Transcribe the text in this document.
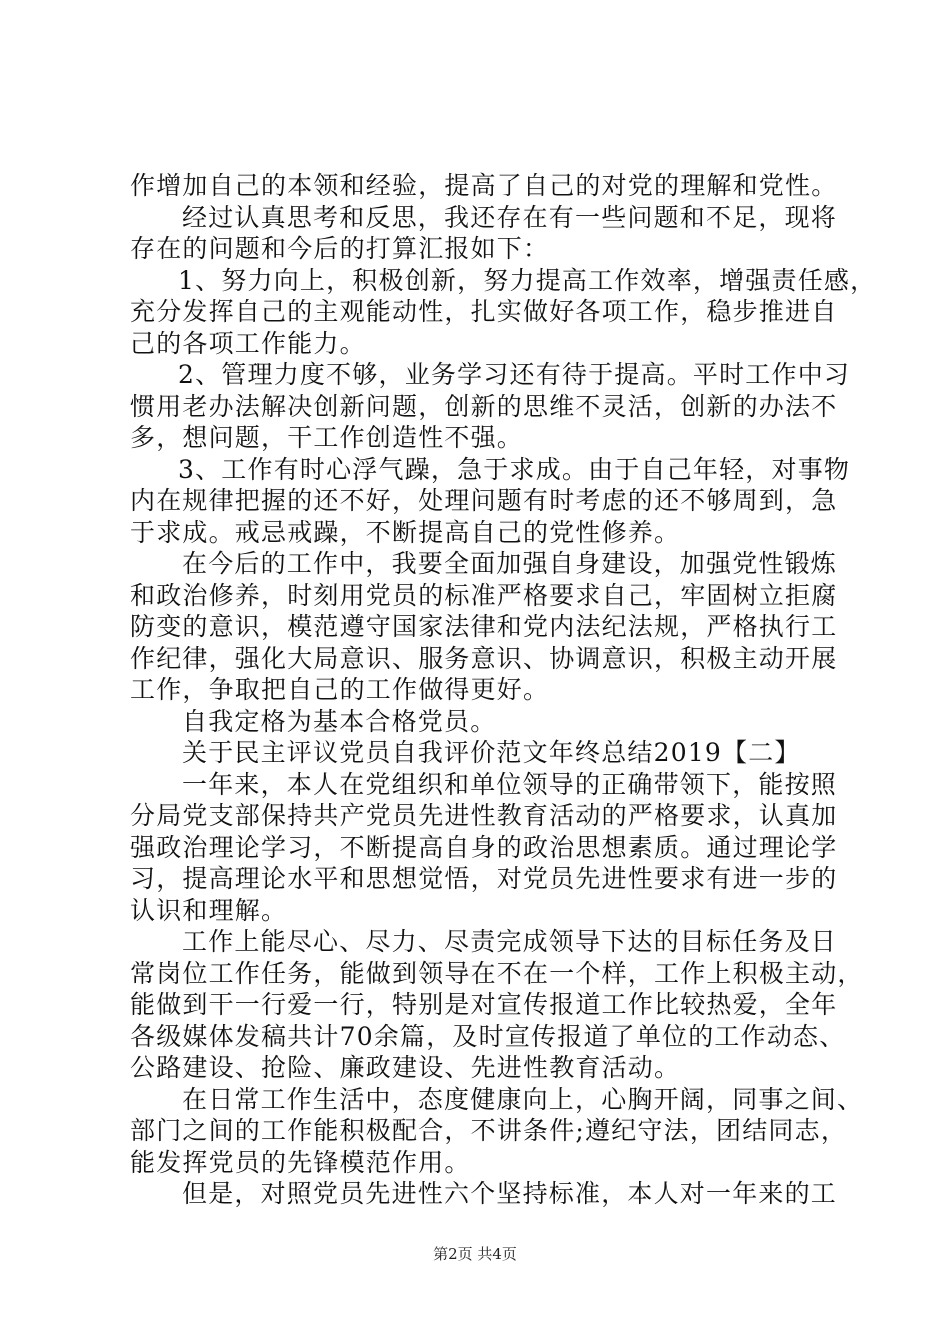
作增加自己的本领和经验，提高了自己的对党的理解和党性。
经过认真思考和反思，我还存在有一些问题和不足，现将
存在的问题和今后的打算汇报如下：
1、努力向上，积极创新，努力提高工作效率，增强责任感，
充分发挥自己的主观能动性，扎实做好各项工作，稳步推进自
己的各项工作能力。
2、管理力度不够，业务学习还有待于提高。平时工作中习
惯用老办法解决创新问题，创新的思维不灵活，创新的办法不
多，想问题，干工作创造性不强。
3、工作有时心浮气躁，急于求成。由于自己年轻，对事物
内在规律把握的还不好，处理问题有时考虑的还不够周到，急
于求成。戒忌戒躁，不断提高自己的党性修养。
在今后的工作中，我要全面加强自身建设，加强党性锻炼
和政治修养，时刻用党员的标准严格要求自己，牢固树立拒腐
防变的意识，模范遵守国家法律和党内法纪法规，严格执行工
作纪律，强化大局意识、服务意识、协调意识，积极主动开展
工作，争取把自己的工作做得更好。
自我定格为基本合格党员。
关于民主评议党员自我评价范文年终总结2019【二】
一年来，本人在党组织和单位领导的正确带领下，能按照
分局党支部保持共产党员先进性教育活动的严格要求，认真加
强政治理论学习，不断提高自身的政治思想素质。通过理论学
习，提高理论水平和思想觉悟，对党员先进性要求有进一步的
认识和理解。
工作上能尽心、尽力、尽责完成领导下达的目标任务及日
常岗位工作任务，能做到领导在不在一个样，工作上积极主动，
能做到干一行爱一行，特别是对宣传报道工作比较热爱，全年
各级媒体发稿共计70余篇，及时宣传报道了单位的工作动态、
公路建设、抢险、廉政建设、先进性教育活动。
在日常工作生活中，态度健康向上，心胸开阔，同事之间、
部门之间的工作能积极配合，不讲条件;遵纪守法，团结同志，
能发挥党员的先锋模范作用。
但是，对照党员先进性六个坚持标准，本人对一年来的工
第2页 共4页
